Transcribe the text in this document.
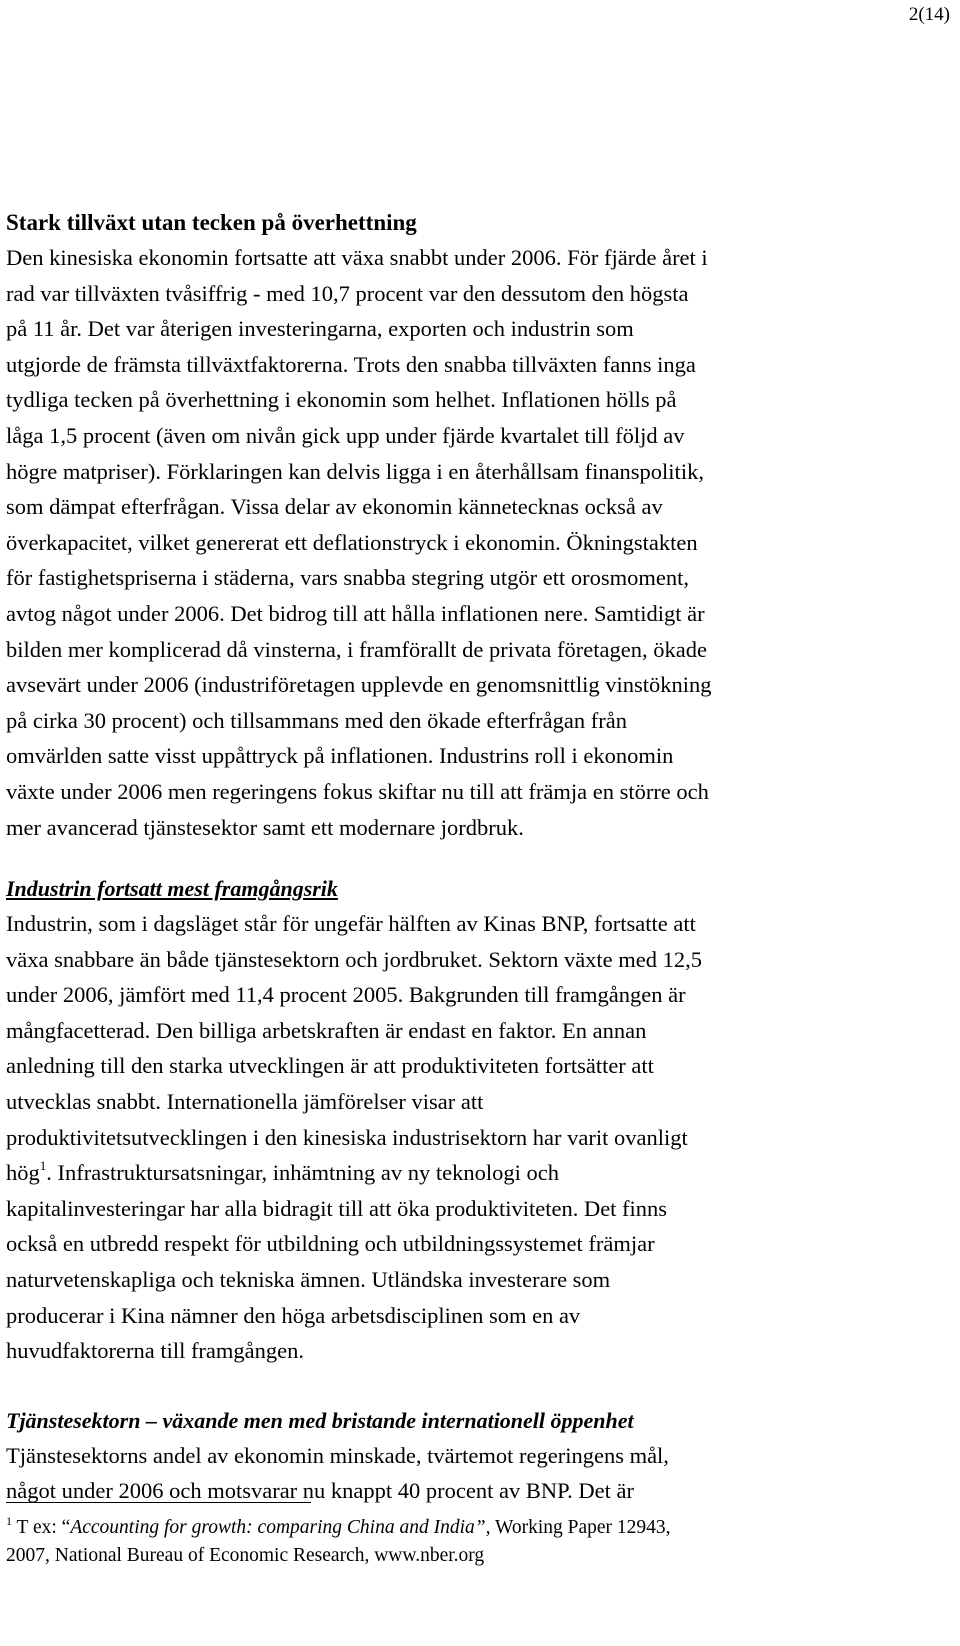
2(14)
Stark tillväxt utan tecken på överhettning

Den kinesiska ekonomin fortsatte att växa snabbt under 2006. För fjärde året i
rad var tillväxten tvåsiffrig - med 10,7 procent var den dessutom den högsta
på 11 år. Det var återigen investeringarna, exporten och industrin som
utgjorde de främsta tillväxtfaktorerna. Trots den snabba tillväxten fanns inga
tydliga tecken på överhettning i ekonomin som helhet. Inflationen hölls på
låga 1,5 procent (även om nivån gick upp under fjärde kvartalet till följd av
högre matpriser). Förklaringen kan delvis ligga i en återhållsam finanspolitik,
som dämpat efterfrågan. Vissa delar av ekonomin kännetecknas också av
överkapacitet, vilket genererat ett deflationstryck i ekonomin. Ökningstakten
för fastighetspriserna i städerna, vars snabba stegring utgör ett orosmoment,
avtog något under 2006. Det bidrog till att hålla inflationen nere. Samtidigt är
bilden mer komplicerad då vinsterna, i framförallt de privata företagen, ökade
avsevärt under 2006 (industriföretagen upplevde en genomsnittlig vinstökning
på cirka 30 procent) och tillsammans med den ökade efterfrågan från
omvärlden satte visst uppåttryck på inflationen. Industrins roll i ekonomin
växte under 2006 men regeringens fokus skiftar nu till att främja en större och
mer avancerad tjänstesektor samt ett modernare jordbruk.

Industrin fortsatt mest framgångsrik

Industrin, som i dagsläget står för ungefär hälften av Kinas BNP, fortsatte att
växa snabbare än både tjänstesektorn och jordbruket. Sektorn växte med 12,5
under 2006, jämfört med 11,4 procent 2005. Bakgrunden till framgången är
mångfacetterad. Den billiga arbetskraften är endast en faktor. En annan
anledning till den starka utvecklingen är att produktiviteten fortsätter att
utvecklas snabbt. Internationella jämförelser visar att
produktivitetsutvecklingen i den kinesiska industrisektorn har varit ovanligt
hög$^1$. Infrastruktursatsningar, inhämtning av ny teknologi och
kapitalinvesteringar har alla bidragit till att öka produktiviteten. Det finns
också en utbredd respekt för utbildning och utbildningssystemet främjar
naturvetenskapliga och tekniska ämnen. Utländska investerare som
producerar i Kina nämner den höga arbetsdisciplinen som en av
huvudfaktorerna till framgången.

Tjänstesektorn – växande men med bristande internationell öppenhet

Tjänstesektorns andel av ekonomin minskade, tvärtemot regeringens mål,
något under 2006 och motsvarar nu knappt 40 procent av BNP. Det är

$^1$ T ex: “Accounting for growth: comparing China and India”, Working Paper 12943,
2007, National Bureau of Economic Research, www.nber.org
